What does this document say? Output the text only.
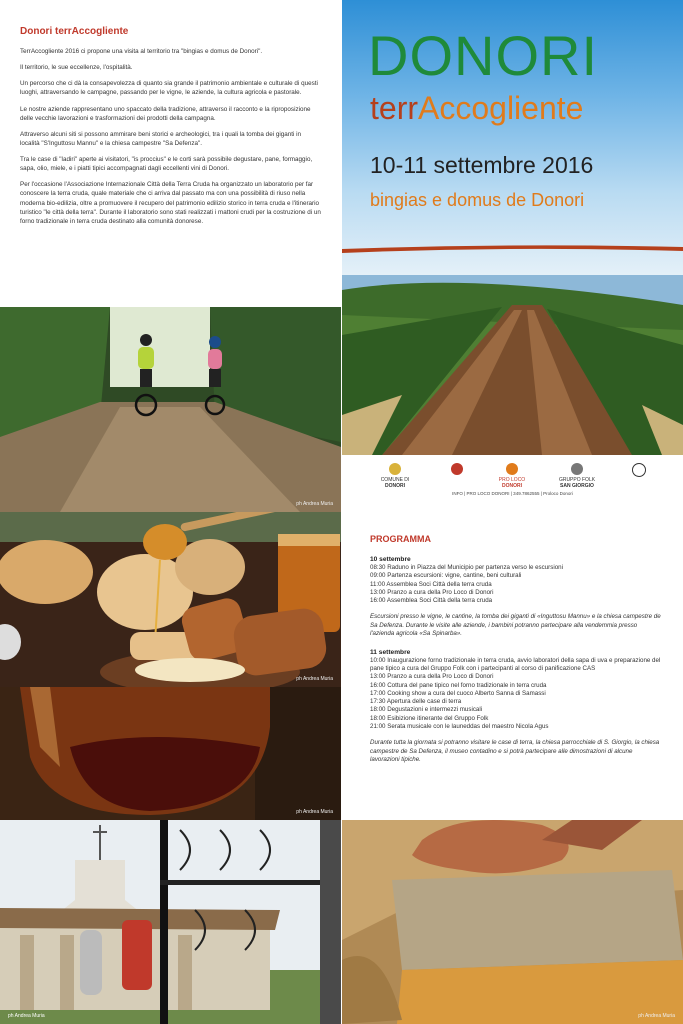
Donori terrAccogliente

TerrAccogliente 2016 ci propone una visita al territorio tra "bingias e domus de Donori".

Il territorio, le sue eccellenze, l'ospitalità.

Un percorso che ci dà la consapevolezza di quanto sia grande il patrimonio ambientale e culturale di questi luoghi, attraversando le campagne, passando per le vigne, le aziende, la cultura agricola e pastorale.

Le nostre aziende rappresentano uno spaccato della tradizione, attraverso il racconto e la riproposizione delle vecchie lavorazioni e trasformazioni dei prodotti della campagna.

Attraverso alcuni siti si possono ammirare beni storici e archeologici, tra i quali la tomba dei giganti in località "S'Inguttosu Mannu" e la chiesa campestre "Sa Defenza".

Tra le case di "ladiri" aperte ai visitatori, "is proccius" e le corti sarà possibile degustare, pane, formaggio, sapa, olio, miele, e i piatti tipici accompagnati dagli eccellenti vini di Donori.

Per l'occasione l'Associazione Internazionale Città della Terra Cruda ha organizzato un laboratorio per far conoscere la terra cruda, quale materiale che ci arriva dal passato ma con una possibilità di riuso nella moderna bio-edilizia, oltre a promuovere il recupero del patrimonio edilizio storico in terra cruda e l'itinerario turistico "le città della terra". Durante il laboratorio sono stati realizzati i mattoni crudi per la costruzione di un forno tradizionale in terra cruda destinato alla comunità donorese.

DONORI
terrAccogliente
10-11 settembre 2016
bingias e domus de Donori
COMUNE DI
DONORI
PRO LOCO
DONORI
GRUPPO FOLK
SAN GIORGIO
INFO | PRO LOCO DONORI | 349.7862555 | Proloco Donori
ph Andrea Muria
ph Andrea Muria
ph Andrea Muria
PROGRAMMA
10 settembre
08:30 Raduno in Piazza del Municipio per partenza verso le escursioni
09:00 Partenza escursioni: vigne, cantine, beni culturali
11:00 Assemblea Soci Città della terra cruda
13:00 Pranzo a cura della Pro Loco di Donori
16:00 Assemblea Soci Città della terra cruda
Escursioni presso le vigne, le cantine, la tomba dei giganti di «Inguttosu Mannu» e la chiesa campestre de Sa Defenza. Durante le visite alle aziende, i bambini potranno partecipare alla vendemmia presso l'azienda agricola «Sa Spinarba».
11 settembre
10:00 Inaugurazione forno tradizionale in terra cruda, avvio laboratori della sapa di uva e preparazione del pane tipico a cura del Gruppo Folk con i partecipanti al corso di panificazione CAS
13:00 Pranzo a cura della Pro Loco di Donori
16:00 Cottura del pane tipico nel forno tradizionale in terra cruda
17:00 Cooking show a cura del cuoco Alberto Sanna di Samassi
17:30 Apertura delle case di terra
18:00 Degustazioni e intermezzi musicali
18:00 Esibizione itinerante del Gruppo Folk
21:00 Serata musicale con le launeddas del maestro Nicola Agus
Durante tutta la giornata si potranno visitare le case di terra, la chiesa parrocchiale di S. Giorgio, la chiesa campestre de Sa Defenza, il museo contadino e si potrà partecipare alle dimostrazioni di alcune lavorazioni tipiche.
ph Andrea Muria	ph Andrea Muria
